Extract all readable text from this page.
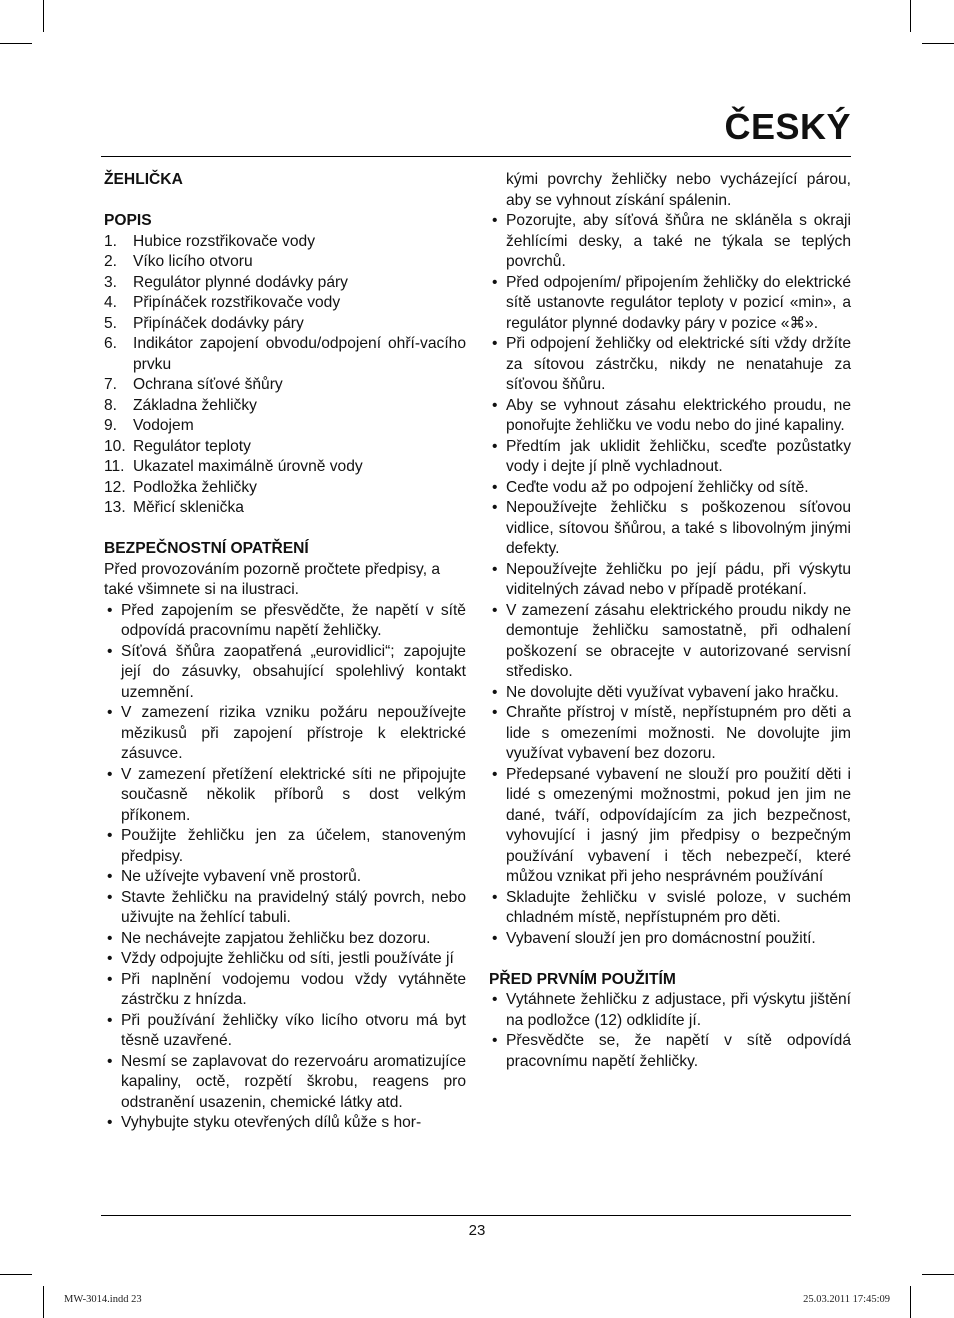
ČESKÝ

ŽEHLIČKA

POPIS

1. Hubice rozstřikovače vody
2. Víko licího otvoru
3. Regulátor plynné dodávky páry
4. Připínáček rozstřikovače vody
5. Připínáček dodávky páry
6. Indikátor zapojení obvodu/odpojení ohří-vacího prvku
7. Ochrana síťové šňůry
8. Základna žehličky
9. Vodojem
10. Regulátor teploty
11. Ukazatel maximálně úrovně vody
12. Podložka žehličky
13. Měřicí sklenička

BEZPEČNOSTNÍ OPATŘENÍ

Před provozováním pozorně pročtete předpisy, a také všimnete si na ilustraci.

• Před zapojením se přesvědčte, že napětí v sítě odpovídá pracovnímu napětí žehličky.
• Síťová šňůra zaopatřená „eurovidlici“; zapojujte její do zásuvky, obsahující spolehlivý kontakt uzemnění.
• V zamezení rizika vzniku požáru nepoužívejte mězikusů při zapojení přístroje k elektrické zásuvce.
• V zamezení přetížení elektrické síti ne připojujte současně několik příborů s dost velkým příkonem.
• Použijte žehličku jen za účelem, stanoveným předpisy.
• Ne užívejte vybavení vně prostorů.
• Stavte žehličku na pravidelný stálý povrch, nebo uživujte na žehlící tabuli.
• Ne nechávejte zapjatou žehličku bez dozoru.
• Vždy odpojujte žehličku od síti, jestli používáte jí
• Při naplnění vodojemu vodou vždy vytáhněte zástrčku z hnízda.
• Při používání žehličky víko licího otvoru má byt těsně uzavřené.
• Nesmí se zaplavovat do rezervoáru aromatizujíce kapaliny, octě, rozpětí škrobu, reagens pro odstranění usazenin, chemické látky atd.
• Vyhybujte styku otevřených dílů kůže s hor-
kými povrchy žehličky nebo vycházející párou, aby se vyhnout získání spálenin.
• Pozorujte, aby síťová šňůra ne skláněla s okraji žehlícími desky, a také ne týkala se teplých povrchů.
• Před odpojením/ připojením žehličky do elektrické sítě ustanovte regulátor teploty v pozicí «min», a regulátor plynné dodavky páry v pozice «⌘».
• Při odpojení žehličky od elektrické síti vždy držíte za sítovou zástrčku, nikdy ne nenatahuje za síťovou šňůru.
• Aby se vyhnout zásahu elektrického proudu, ne ponořujte žehličku ve vodu nebo do jiné kapaliny.
• Předtím jak uklidit žehličku, sceďte pozůstatky vody i dejte jí plně vychladnout.
• Ceďte vodu až po odpojení žehličky od sítě.
• Nepoužívejte žehličku s poškozenou síťovou vidlice, sítovou šňůrou, a také s libovolným jinými defekty.
• Nepoužívejte žehličku po její pádu, při výskytu viditelných závad nebo v případě protékaní.
• V zamezení zásahu elektrického proudu nikdy ne demontuje žehličku samostatně, při odhalení poškození se obracejte v autorizované servisní středisko.
• Ne dovolujte děti využívat vybavení jako hračku.
• Chraňte přístroj v místě, nepřístupném pro děti a lide s omezeními možnosti. Ne dovolujte jim využívat vybavení bez dozoru.
• Předepsané vybavení ne slouží pro použití děti i lidé s omezenými možnostmi, pokud jen jim ne dané, tváří, odpovídajícím za jich bezpečnost, vyhovující i jasný jim předpisy o bezpečným používání vybavení i těch nebezpečí, které můžou vznikat při jeho nesprávném používání
• Skladujte žehličku v svislé poloze, v suchém chladném místě, nepřístupném pro děti.
• Vybavení slouží jen pro domácnostní použití.

PŘED PRVNÍM POUŽITÍM

• Vytáhnete žehličku z adjustace, při výskytu jištění na podložce (12) odklidíte jí.
• Přesvědčte se, že napětí v sítě odpovídá pracovnímu napětí žehličky.
23
MW-3014.indd 23	25.03.2011 17:45:09
